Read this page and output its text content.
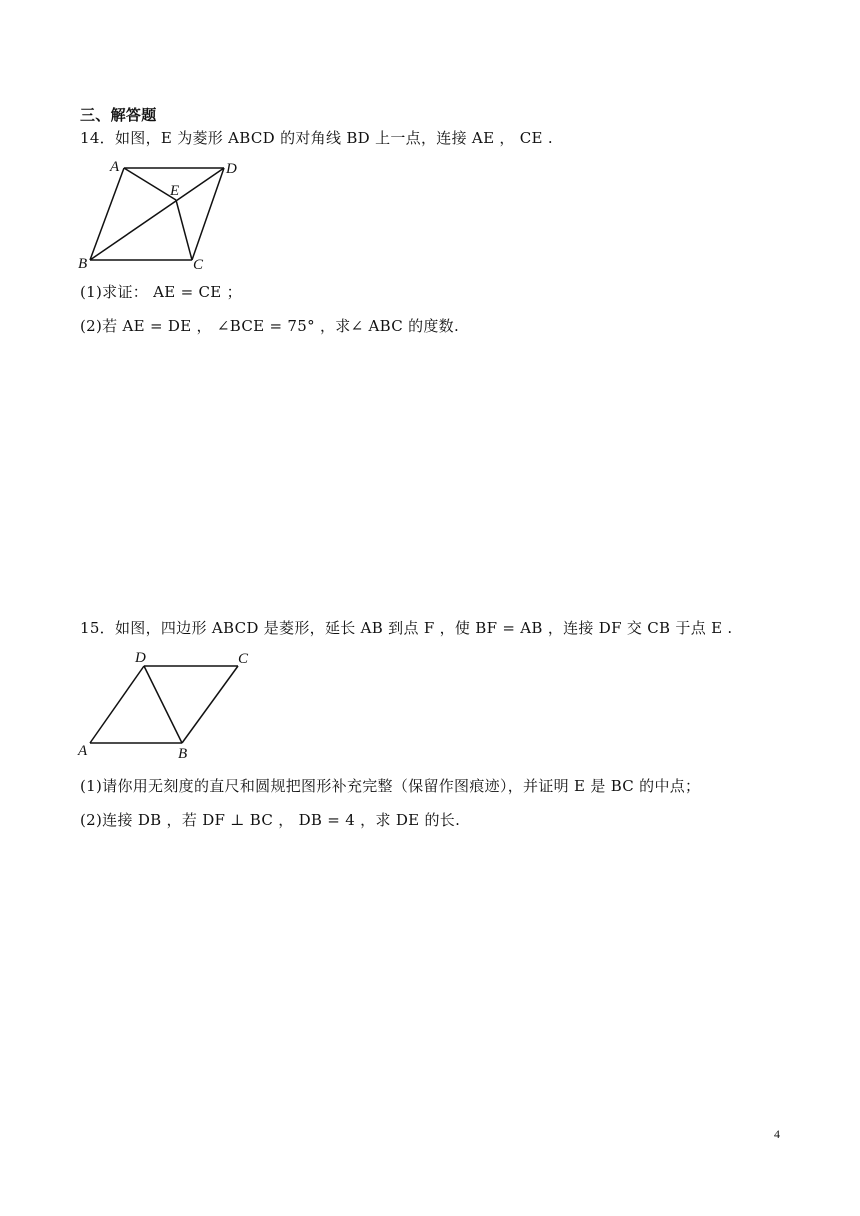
三、解答题
14．如图，E 为菱形 ABCD 的对角线 BD 上一点，连接 AE ， CE .
A	D
E
B	C
(1)求证： AE = CE ；
(2)若 AE = DE ， ∠BCE = 75° ，求∠ ABC 的度数.
15．如图，四边形 ABCD 是菱形，延长 AB 到点 F ，使 BF = AB ，连接 DF 交 CB 于点 E .
D	C
A	B
(1)请你用无刻度的直尺和圆规把图形补充完整（保留作图痕迹），并证明 E 是 BC 的中点；
(2)连接 DB ，若 DF ⊥ BC ， DB = 4 ，求 DE 的长.
4
